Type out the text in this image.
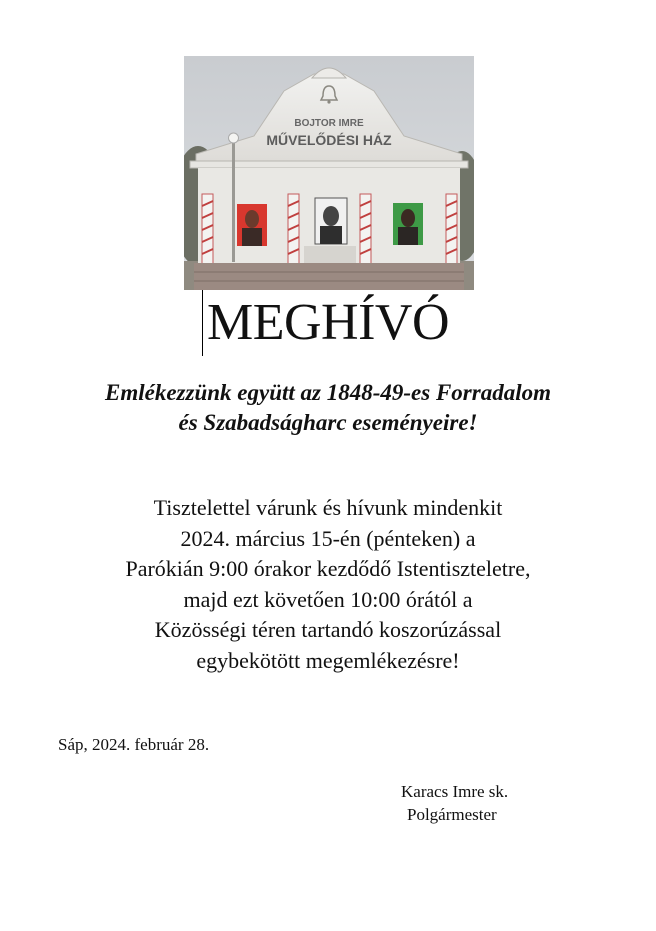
BOJTOR IMRE
MŰVELŐDÉSI HÁZ
MEGHÍVÓ
Emlékezzünk együtt az 1848-49-es Forradalom
és Szabadságharc eseményeire!
Tisztelettel várunk és hívunk mindenkit
2024. március 15-én (pénteken) a
Parókián 9:00 órakor kezdődő Istentiszteletre,
majd ezt követően 10:00 órától a
Közösségi téren tartandó koszorúzással
egybekötött megemlékezésre!
Sáp, 2024. február 28.
Karacs Imre sk.
Polgármester
